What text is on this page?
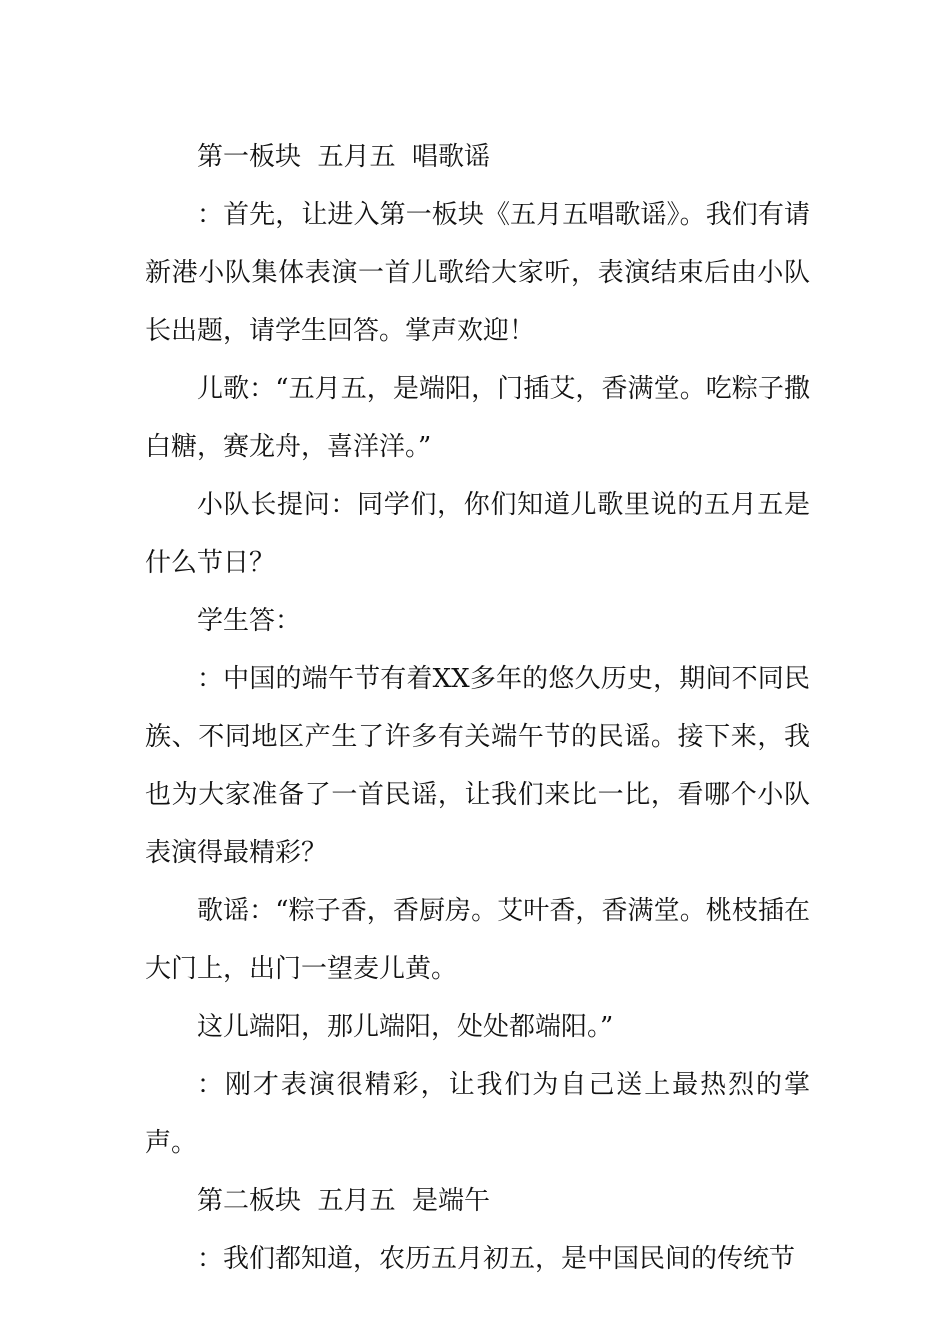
第一板块  五月五  唱歌谣

：首先，让进入第一板块《五月五唱歌谣》。我们有请新港小队集体表演一首儿歌给大家听，表演结束后由小队长出题，请学生回答。掌声欢迎！

儿歌：“五月五，是端阳，门插艾，香满堂。吃粽子撒白糖，赛龙舟，喜洋洋。”

小队长提问：同学们，你们知道儿歌里说的五月五是什么节日？

学生答：

：中国的端午节有着XX多年的悠久历史，期间不同民族、不同地区产生了许多有关端午节的民谣。接下来，我也为大家准备了一首民谣，让我们来比一比，看哪个小队表演得最精彩？

歌谣：“粽子香，香厨房。艾叶香，香满堂。桃枝插在大门上，出门一望麦儿黄。

这儿端阳，那儿端阳，处处都端阳。”

：刚才表演很精彩，让我们为自己送上最热烈的掌声。

第二板块  五月五  是端午

：我们都知道，农历五月初五，是中国民间的传统节
